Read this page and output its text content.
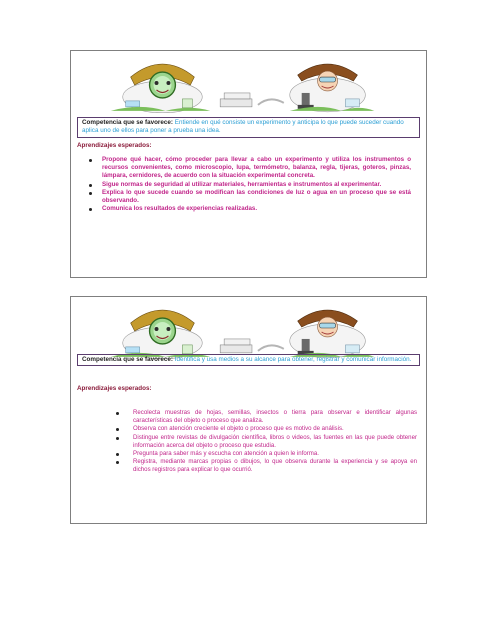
Competencia que se favorece: Entiende en qué consiste un experimento y anticipa lo que puede suceder cuando aplica uno de ellos para poner a prueba una idea.
Aprendizajes esperados:
Propone qué hacer, cómo proceder para llevar a cabo un experimento y utiliza los instrumentos o recursos convenientes, como microscopio, lupa, termómetro, balanza, regla, tijeras, goteros, pinzas, lámpara, cernidores, de acuerdo con la situación experimental concreta.
Sigue normas de seguridad al utilizar materiales, herramientas e instrumentos al experimentar.
Explica lo que sucede cuando se modifican las condiciones de luz o agua en un proceso que se está observando.
Comunica los resultados de experiencias realizadas.
Competencia que se favorece: Identifica y usa medios a su alcance para obtener, registrar y comunicar información.
Aprendizajes esperados:
Recolecta muestras de hojas, semillas, insectos o tierra para observar e identificar algunas características del objeto o proceso que analiza.
Observa con atención creciente el objeto o proceso que es motivo de análisis.
Distingue entre revistas de divulgación científica, libros o videos, las fuentes en las que puede obtener información acerca del objeto o proceso que estudia.
Pregunta para saber más y escucha con atención a quien le informa.
Registra, mediante marcas propias o dibujos, lo que observa durante la experiencia y se apoya en dichos registros para explicar lo que ocurrió.
